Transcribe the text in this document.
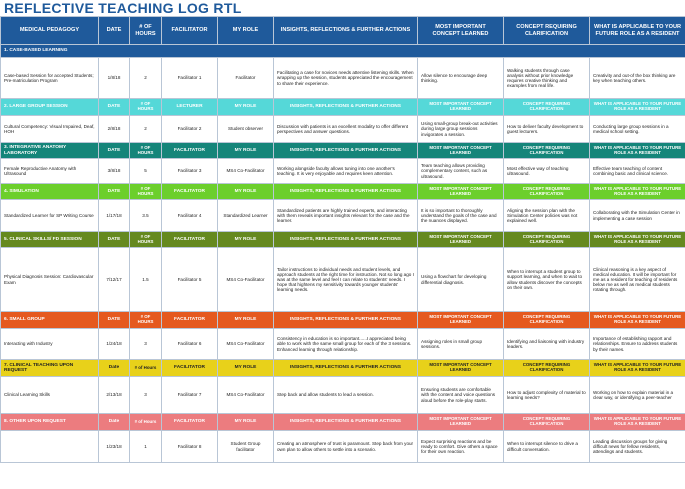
REFLECTIVE TEACHING LOG RTL
MEDICAL PEDAGOGY	DATE	# OF HOURS	FACILITATOR	MY ROLE	INSIGHTS, REFLECTIONS & FURTHER ACTIONS	MOST IMPORTANT CONCEPT LEARNED	CONCEPT REQUIRING CLARIFICATION	WHAT IS APPLICABLE TO YOUR FUTURE ROLE AS A RESIDENT
1. CASE-BASED LEARNING								
Case-based Session for accepted Students; Pre-matriculation Program	1/8/18	2	Facilitator 1	Facilitator	Facilitating a case for novices needs attentive listening skills. When wrapping up the session, students appreciated the encouragement to share their experience.	Allow silence to encourage deep thinking.	Walking students through case analysis without prior knowledge requires creative thinking and examples from real life.	Creativity and out-of the box thinking are key when teaching others.
2. LARGE GROUP SESSION	DATE	# OF HOURS	LECTURER	MY ROLE	INSIGHTS, REFLECTIONS & FURTHER ACTIONS	MOST IMPORTANT CONCEPT LEARNED	CONCEPT REQUIRING CLARIFICATION	WHAT IS APPLICABLE TO YOUR FUTURE ROLE AS A RESIDENT
Cultural Competency: Visual Impaired, Deaf, HOH	2/8/18	2	Facilitator 2	Student observer	Discussion with patients is an excellent modality to offer different perspectives and answer questions.	Using small-group break-out activities during large group sessions invigorates a session.	How to deliver faculty development to guest lecturers.	Conducting large group sessions in a medical school setting.
3. INTEGRATIVE ANATOMY LABORATORY	DATE	# OF HOURS	FACILITATOR	MY ROLE	INSIGHTS, REFLECTIONS & FURTHER ACTIONS	MOST IMPORTANT CONCEPT LEARNED	CONCEPT REQUIRING CLARIFICATION	WHAT IS APPLICABLE TO YOUR FUTURE ROLE AS A RESIDENT
Female Reproductive Anatomy with Ultrasound	3/8/18	5	Facilitator 3	MS4 Co-Facilitator	Working alongside faculty allows tuning into one another's teaching. It is very enjoyable and requires keen attention.	Team teaching allows providing complementary content, such as ultrasound.	Most effective way of teaching ultrasound.	Effective team teaching of content combining basic and clinical science.
4. SIMULATION	DATE	# OF HOURS	FACILITATOR	MY ROLE	INSIGHTS, REFLECTIONS & FURTHER ACTIONS	MOST IMPORTANT CONCEPT LEARNED	CONCEPT REQUIRING CLARIFICATION	WHAT IS APPLICABLE TO YOUR FUTURE ROLE AS A RESIDENT
Standardized Learner for SP Writing Course	1/17/18	3.5	Facilitator 4	Standardized Learner	Standardized patients are highly trained experts, and interacting with them reveals important insights relevant for the case and the learner.	It is so important to thoroughly understand the goals of the case and the nuances displayed.	Aligning the session plan with the Simulation Center policies was not explained well.	Collaborating with the Simulation Center in implementing a case session
5. CLINICAL SKILLS/ FD SESSION	DATE	# OF HOURS	FACILITATOR	MY ROLE	INSIGHTS, REFLECTIONS & FURTHER ACTIONS	MOST IMPORTANT CONCEPT LEARNED	CONCEPT REQUIRING CLARIFICATION	WHAT IS APPLICABLE TO YOUR FUTURE ROLE AS A RESIDENT
Physical Diagnosis Session: Cardiovascular Exam	7/12/17	1.5	Facilitator 5	MS4 Co-Facilitator	Tailor instructions to individual needs and student levels, and approach students at the right time for instruction. Not so long ago I was at the same level and feel I can relate to students' needs. I hope that hightens my sensitivity towards younger students' learning needs.	Using a flowchart for developing differential diagnosis.	When to interrupt a student group to support learning, and when to wait to allow students discover the concepts on their own.	Clinical reasoning is a key aspect of medical education. It will be important for me as a resident for teaching of residents below me as well as medical students rotating through.
6. SMALL GROUP	DATE	# OF HOURS	FACILITATOR	MY ROLE	INSIGHTS, REFLECTIONS & FURTHER ACTIONS	MOST IMPORTANT CONCEPT LEARNED	CONCEPT REQUIRING CLARIFICATION	WHAT IS APPLICABLE TO YOUR FUTURE ROLE AS A RESIDENT
Interacting with Industry	1/24/18	3	Facilitator 6	MS4 Co-Facilitator	Consistency in education is so important......I appreciated being able to work with the same small group for each of the 3 sessions. Enhanced learning through relationship.	Assigning roles in small group sessions.	Identifying and liaisoning with industry leaders.	Importance of establishing rapport and relationships. Ensure to address students by their names.
7. CLINICAL TEACHING UPON REQUEST	Date	# of Hours	FACILITATOR	MY ROLE	INSIGHTS, REFLECTIONS & FURTHER ACTIONS	MOST IMPORTANT CONCEPT LEARNED	CONCEPT REQUIRING CLARIFICATION	WHAT IS APPLICABLE TO YOUR FUTURE ROLE AS A RESIDENT
Clinical Learning Skills	2/13/18	3	Facilitator 7	MS4 Co-Facilitator	Step back and allow students to lead a session.	Ensuring students are comfortable with the content and voice questions aloud before the role-play starts.	How to adjust complexity of material to learning needs?	Working on how to explain material in a clear way, or identifying a peer-teacher
8. OTHER UPON REQUEST	Date	# of Hours	FACILITATOR	MY ROLE	INSIGHTS, REFLECTIONS & FURTHER ACTIONS	MOST IMPORTANT CONCEPT LEARNED	CONCEPT REQUIRING CLARIFICATION	WHAT IS APPLICABLE TO YOUR FUTURE ROLE AS A RESIDENT
	1/23/18	1	Facilitator 8	Student Group facilitator	Creating an atmosphere of trust is paramount. Step back from your own plan to allow others to settle into a scenario.	Expect surprising reactions and be ready to comfort. Give others a space for their own reaction.	When to interrupt silence to drive a difficult conversation.	Leading discussion groups for giving difficult news for fellow residents, attendings and students.
